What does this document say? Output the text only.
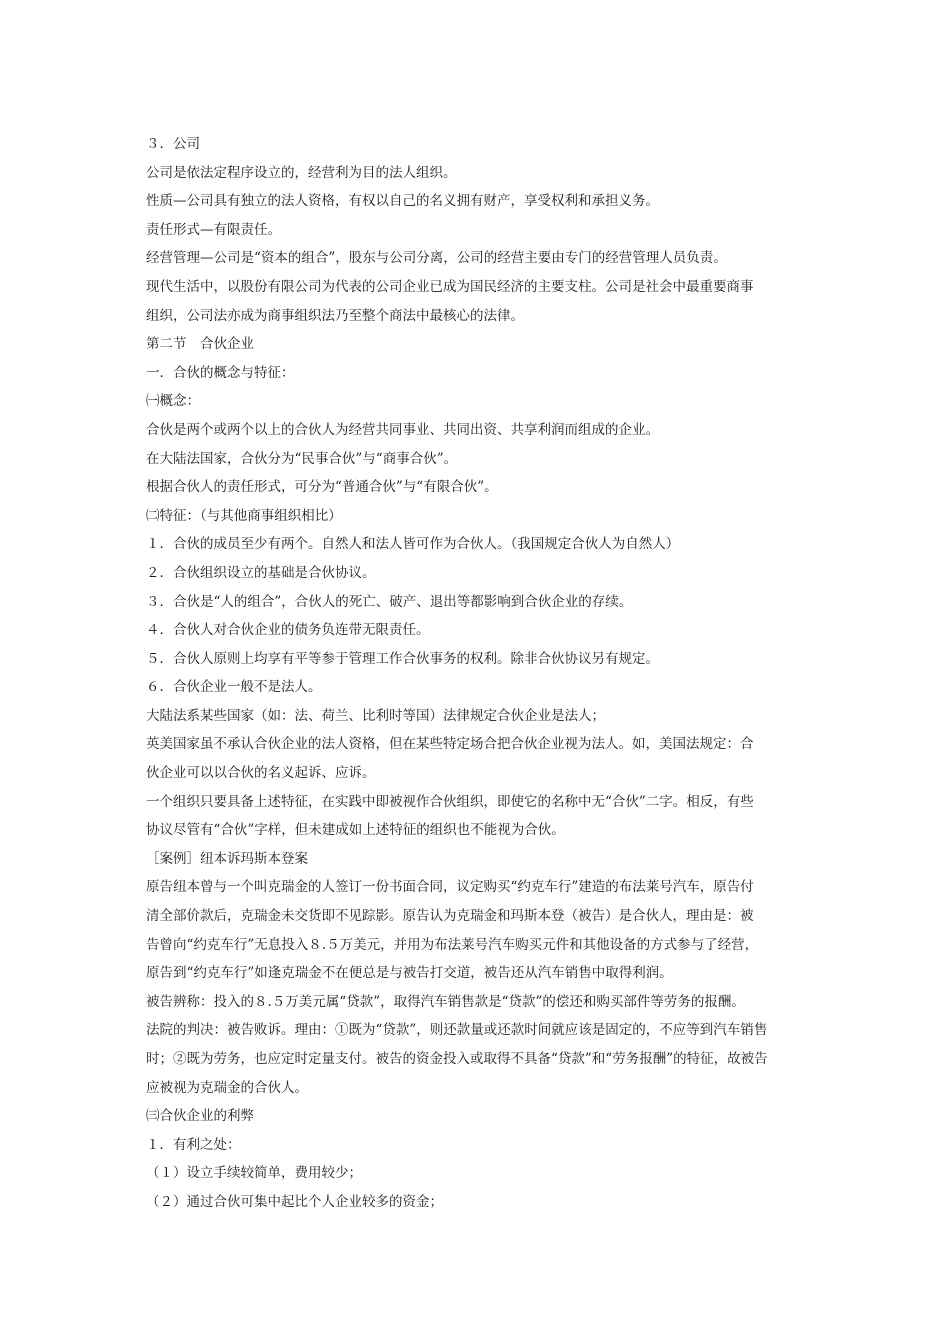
３．公司
公司是依法定程序设立的，经营利为目的法人组织。
性质—公司具有独立的法人资格，有权以自己的名义拥有财产，享受权利和承担义务。
责任形式—有限责任。
经营管理—公司是“资本的组合”，股东与公司分离，公司的经营主要由专门的经营管理人员负责。
现代生活中，以股份有限公司为代表的公司企业已成为国民经济的主要支柱。公司是社会中最重要商事
组织，公司法亦成为商事组织法乃至整个商法中最核心的法律。
第二节　合伙企业
一．合伙的概念与特征：
㈠概念：
合伙是两个或两个以上的合伙人为经营共同事业、共同出资、共享利润而组成的企业。
在大陆法国家，合伙分为“民事合伙”与“商事合伙”。
根据合伙人的责任形式，可分为“普通合伙”与“有限合伙”。
㈡特征：（与其他商事组织相比）
１．合伙的成员至少有两个。自然人和法人皆可作为合伙人。（我国规定合伙人为自然人）
２．合伙组织设立的基础是合伙协议。
３．合伙是“人的组合”，合伙人的死亡、破产、退出等都影响到合伙企业的存续。
４．合伙人对合伙企业的债务负连带无限责任。
５．合伙人原则上均享有平等参于管理工作合伙事务的权利。除非合伙协议另有规定。
６．合伙企业一般不是法人。
大陆法系某些国家（如：法、荷兰、比利时等国）法律规定合伙企业是法人；
英美国家虽不承认合伙企业的法人资格，但在某些特定场合把合伙企业视为法人。如，美国法规定：合
伙企业可以以合伙的名义起诉、应诉。
一个组织只要具备上述特征，在实践中即被视作合伙组织，即使它的名称中无“合伙”二字。相反，有些
协议尽管有“合伙”字样，但未建成如上述特征的组织也不能视为合伙。
［案例］纽本诉玛斯本登案
原告纽本曾与一个叫克瑞金的人签订一份书面合同，议定购买“约克车行”建造的布法莱号汽车，原告付
清全部价款后，克瑞金未交货即不见踪影。原告认为克瑞金和玛斯本登（被告）是合伙人，理由是：被
告曾向“约克车行”无息投入８.５万美元，并用为布法莱号汽车购买元件和其他设备的方式参与了经营，
原告到“约克车行”如逢克瑞金不在便总是与被告打交道，被告还从汽车销售中取得利润。
被告辨称：投入的８.５万美元属“贷款”，取得汽车销售款是“贷款”的偿还和购买部件等劳务的报酬。
法院的判决：被告败诉。理由：①既为“贷款”，则还款量或还款时间就应该是固定的，不应等到汽车销售
时；②既为劳务，也应定时定量支付。被告的资金投入或取得不具备“贷款”和“劳务报酬”的特征，故被告
应被视为克瑞金的合伙人。
㈢合伙企业的利弊
１．有利之处：
（１）设立手续较简单，费用较少；
（２）通过合伙可集中起比个人企业较多的资金；
